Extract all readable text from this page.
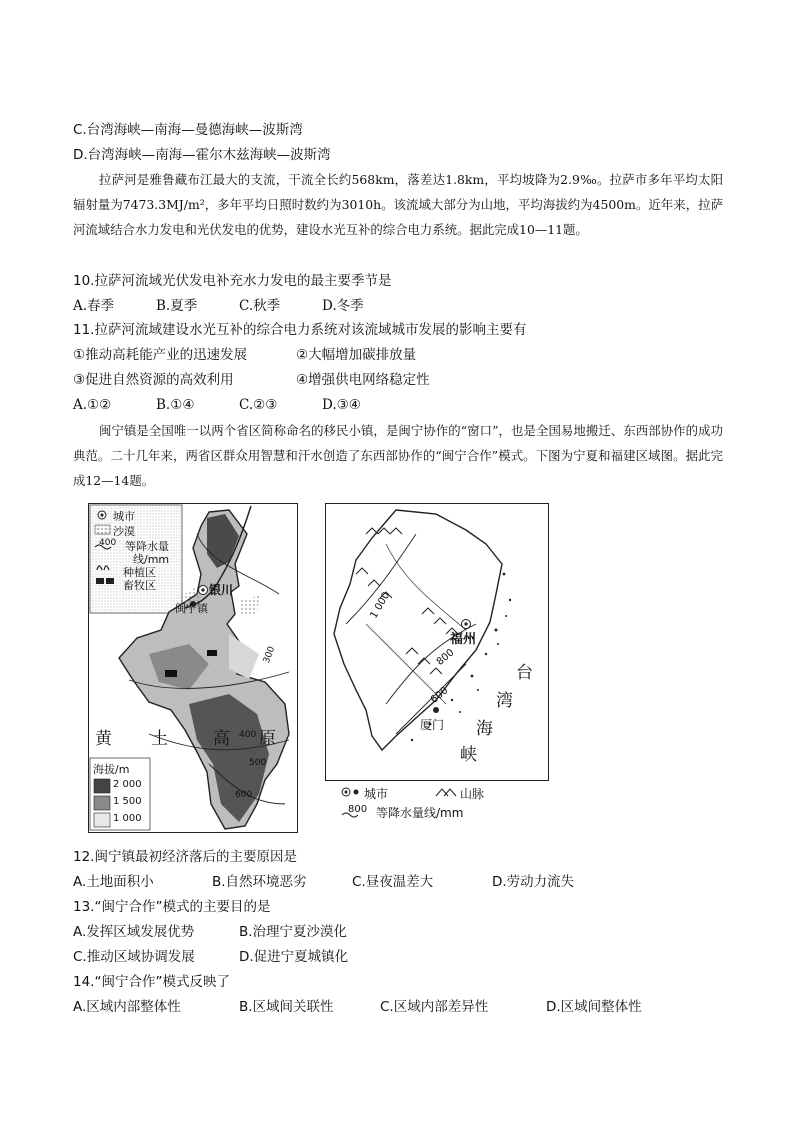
C.台湾海峡—南海—曼德海峡—波斯湾
D.台湾海峡—南海—霍尔木兹海峡—波斯湾
拉萨河是雅鲁藏布江最大的支流，干流全长约568km，落差达1.8km，平均坡降为2.9‰。拉萨市多年平均太阳辐射量为7473.3MJ/m²，多年平均日照时数约为3010h。该流域大部分为山地，平均海拔约为4500m。近年来，拉萨河流域结合水力发电和光伏发电的优势，建设水光互补的综合电力系统。据此完成10—11题。
10.拉萨河流域光伏发电补充水力发电的最主要季节是
A.春季	B.夏季	C.秋季	D.冬季
11.拉萨河流域建设水光互补的综合电力系统对该流域城市发展的影响主要有
①推动高耗能产业的迅速发展	②大幅增加碳排放量
③促进自然资源的高效利用	④增强供电网络稳定性
A.①②	B.①④	C.②③	D.③④
闽宁镇是全国唯一以两个省区简称命名的移民小镇，是闽宁协作的“窗口”，也是全国易地搬迁、东西部协作的成功典范。二十几年来，两省区群众用智慧和汗水创造了东西部协作的“闽宁合作”模式。下图为宁夏和福建区域图。据此完成12—14题。
城市
沙漠
400 等降水量
线/mm
种植区
畜牧区	银川
闽宁镇
300
400
500
600
黄 土	高 原
海拔/m
2 000
1 500
1 000
福州
厦门
1 000
800
600
台
湾
海
峡
城市	山脉
800 等降水量线/mm
12.闽宁镇最初经济落后的主要原因是
A.土地面积小	B.自然环境恶劣	C.昼夜温差大	D.劳动力流失
13.“闽宁合作”模式的主要目的是
A.发挥区域发展优势	B.治理宁夏沙漠化
C.推动区域协调发展	D.促进宁夏城镇化
14.“闽宁合作”模式反映了
A.区域内部整体性	B.区域间关联性	C.区域内部差异性	D.区域间整体性
